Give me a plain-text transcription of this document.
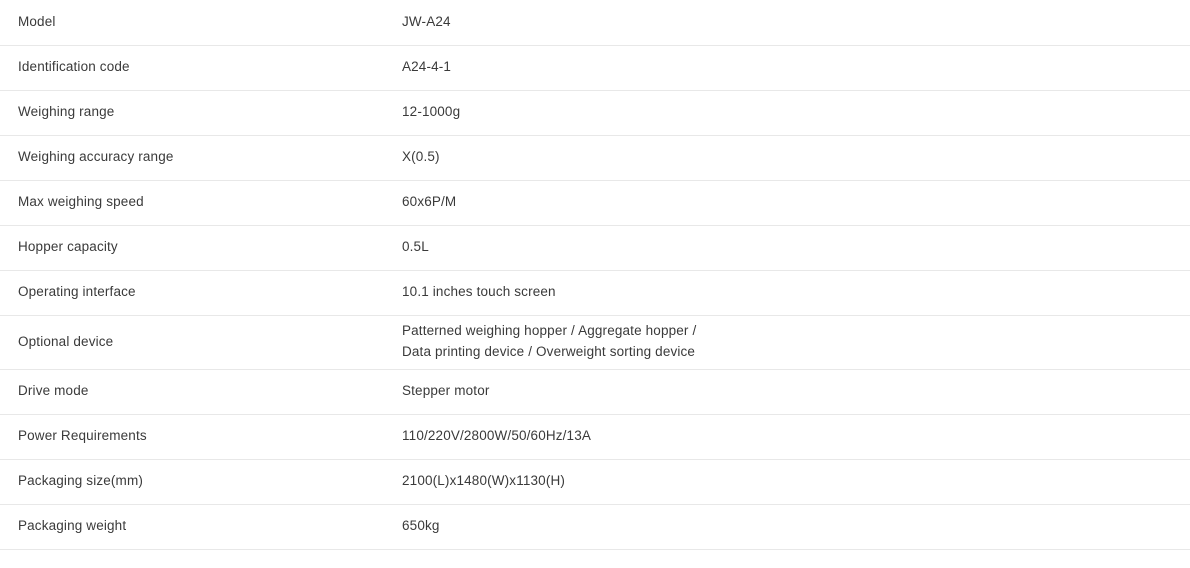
Model	JW-A24

Identification code	A24-4-1

Weighing range	12-1000g

Weighing accuracy range	X(0.5)

Max weighing speed	60x6P/M

Hopper capacity	0.5L

Operating interface	10.1 inches touch screen

Optional device	Patterned weighing hopper / Aggregate hopper /
Data printing device / Overweight sorting device

Drive mode	Stepper motor

Power Requirements	110/220V/2800W/50/60Hz/13A

Packaging size(mm)	2100(L)x1480(W)x1130(H)

Packaging weight	650kg
